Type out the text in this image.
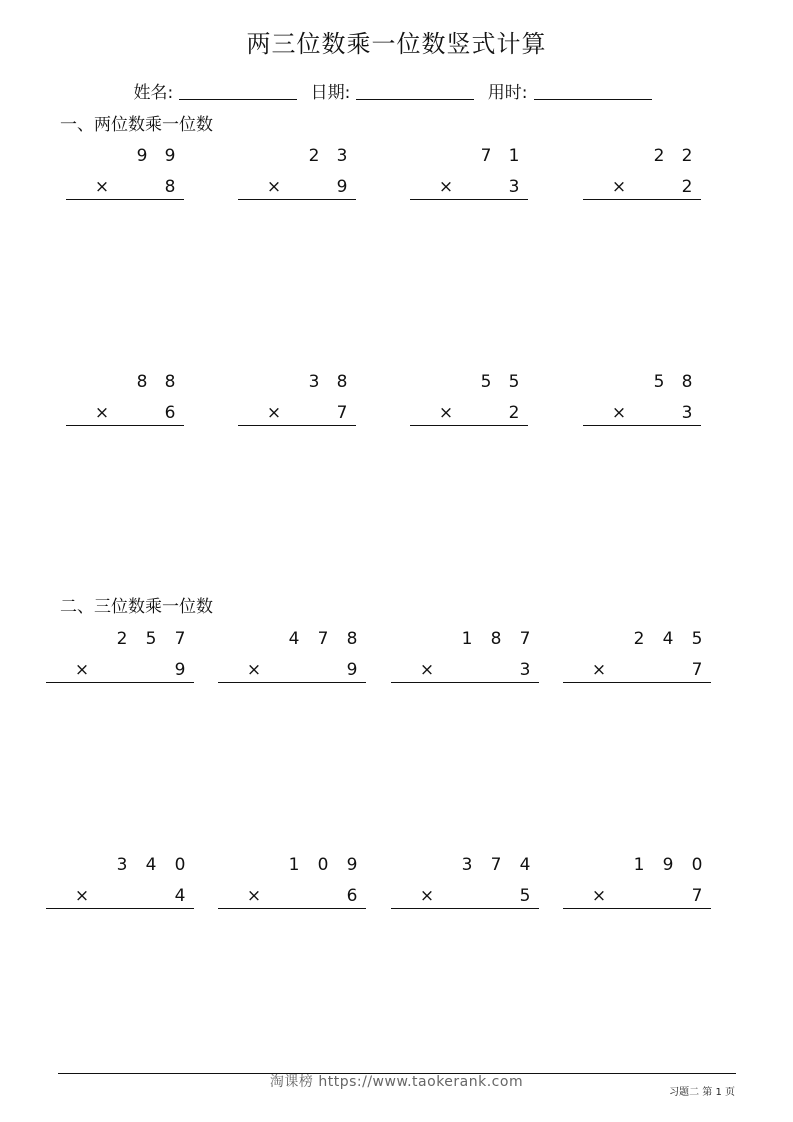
两三位数乘一位数竖式计算
姓名:	日期:	用时:
一、两位数乘一位数
二、三位数乘一位数
9 9
×	8
2 3
×	9
7 1
×	3
2 2
×	2
8 8
×	6
3 8
×	7
5 5
×	2
5 8
×	3
2 5 7
×	9
4 7 8
×	9
1 8 7
×	3
2 4 5
×	7
3 4 0
×	4
1 0 9
×	6
3 7 4
×	5
1 9 0
×	7
淘课榜 https://www.taokerank.com
习题二 第 1 页
